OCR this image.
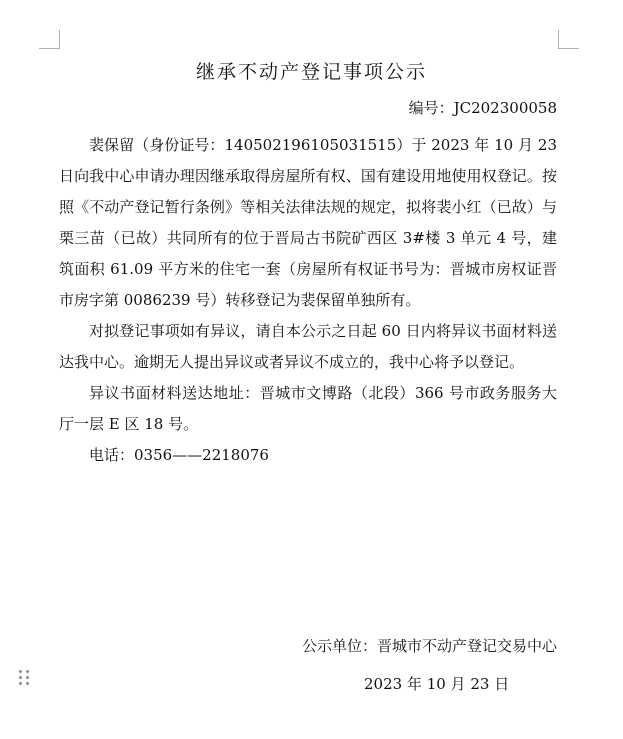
继承不动产登记事项公示
编号：JC202300058

裴保留（身份证号：140502196105031515）于 2023 年 10 月 23 日向我中心申请办理因继承取得房屋所有权、国有建设用地使用权登记。按照《不动产登记暂行条例》等相关法律法规的规定，拟将裴小红（已故）与栗三苗（已故）共同所有的位于晋局古书院矿西区 3#楼 3 单元 4 号，建筑面积 61.09 平方米的住宅一套（房屋所有权证书号为：晋城市房权证晋市房字第 0086239 号）转移登记为裴保留单独所有。

对拟登记事项如有异议，请自本公示之日起 60 日内将异议书面材料送达我中心。逾期无人提出异议或者异议不成立的，我中心将予以登记。

异议书面材料送达地址：晋城市文博路（北段）366 号市政务服务大厅一层 E 区 18 号。

电话：0356——2218076

公示单位：晋城市不动产登记交易中心
2023 年 10 月 23 日
